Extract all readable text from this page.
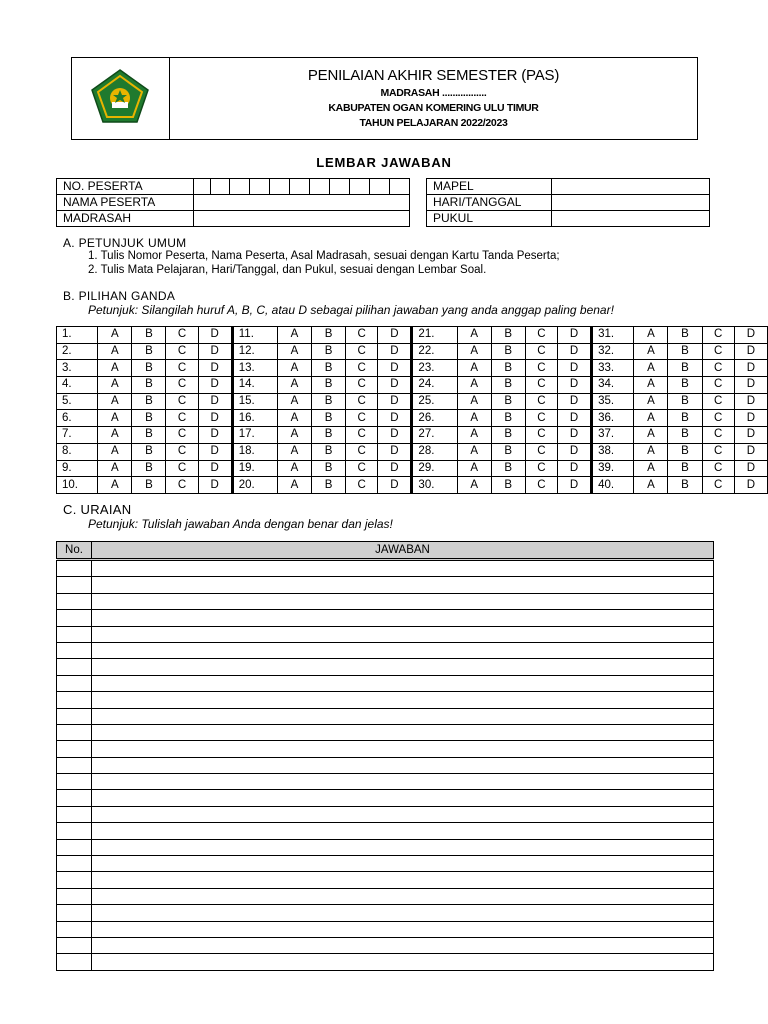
PENILAIAN AKHIR SEMESTER (PAS)
MADRASAH .................
KABUPATEN OGAN KOMERING ULU TIMUR
TAHUN PELAJARAN 2022/2023
LEMBAR JAWABAN
NO. PESERTA											
NAMA PESERTA											
MADRASAH											
MAPEL	
HARI/TANGGAL	
PUKUL	
A. PETUNJUK UMUM
1. Tulis Nomor Peserta, Nama Peserta, Asal Madrasah, sesuai dengan Kartu Tanda Peserta;
2. Tulis Mata Pelajaran, Hari/Tanggal, dan Pukul, sesuai dengan Lembar Soal.
B. PILIHAN GANDA
Petunjuk: Silangilah huruf A, B, C, atau D sebagai pilihan jawaban yang anda anggap paling benar!
1.	A	B	C	D	11.	A	B	C	D	21.	A	B	C	D	31.	A	B	C	D
2.	A	B	C	D	12.	A	B	C	D	22.	A	B	C	D	32.	A	B	C	D
3.	A	B	C	D	13.	A	B	C	D	23.	A	B	C	D	33.	A	B	C	D
4.	A	B	C	D	14.	A	B	C	D	24.	A	B	C	D	34.	A	B	C	D
5.	A	B	C	D	15.	A	B	C	D	25.	A	B	C	D	35.	A	B	C	D
6.	A	B	C	D	16.	A	B	C	D	26.	A	B	C	D	36.	A	B	C	D
7.	A	B	C	D	17.	A	B	C	D	27.	A	B	C	D	37.	A	B	C	D
8.	A	B	C	D	18.	A	B	C	D	28.	A	B	C	D	38.	A	B	C	D
9.	A	B	C	D	19.	A	B	C	D	29.	A	B	C	D	39.	A	B	C	D
10.	A	B	C	D	20.	A	B	C	D	30.	A	B	C	D	40.	A	B	C	D
C. URAIAN
Petunjuk: Tulislah jawaban Anda dengan benar dan jelas!
No.	JAWABAN
